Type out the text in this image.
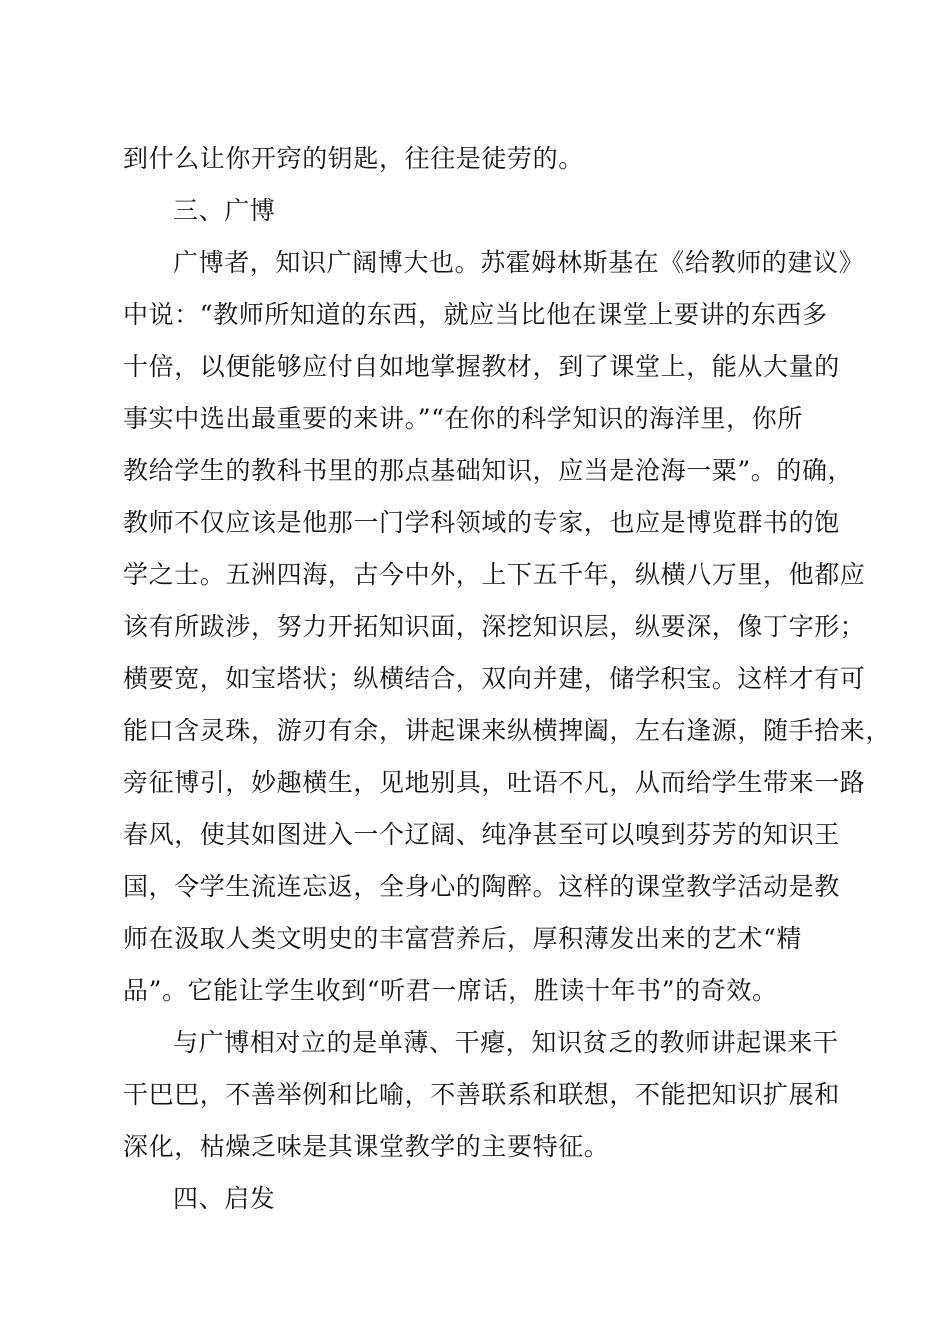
到什么让你开窍的钥匙，往往是徒劳的。
三、广博
广博者，知识广阔博大也。苏霍姆林斯基在《给教师的建议》
中说：“教师所知道的东西，就应当比他在课堂上要讲的东西多
十倍，以便能够应付自如地掌握教材，到了课堂上，能从大量的
事实中选出最重要的来讲。”“在你的科学知识的海洋里，你所
教给学生的教科书里的那点基础知识，应当是沧海一粟”。的确，
教师不仅应该是他那一门学科领域的专家，也应是博览群书的饱
学之士。五洲四海，古今中外，上下五千年，纵横八万里，他都应
该有所跋涉，努力开拓知识面，深挖知识层，纵要深，像丁字形；
横要宽，如宝塔状；纵横结合，双向并建，储学积宝。这样才有可
能口含灵珠，游刃有余，讲起课来纵横捭阖，左右逢源，随手拾来，
旁征博引，妙趣横生，见地别具，吐语不凡，从而给学生带来一路
春风，使其如图进入一个辽阔、纯净甚至可以嗅到芬芳的知识王
国，令学生流连忘返，全身心的陶醉。这样的课堂教学活动是教
师在汲取人类文明史的丰富营养后，厚积薄发出来的艺术“精
品”。它能让学生收到“听君一席话，胜读十年书”的奇效。
与广博相对立的是单薄、干瘪，知识贫乏的教师讲起课来干
干巴巴，不善举例和比喻，不善联系和联想，不能把知识扩展和
深化，枯燥乏味是其课堂教学的主要特征。
四、启发
